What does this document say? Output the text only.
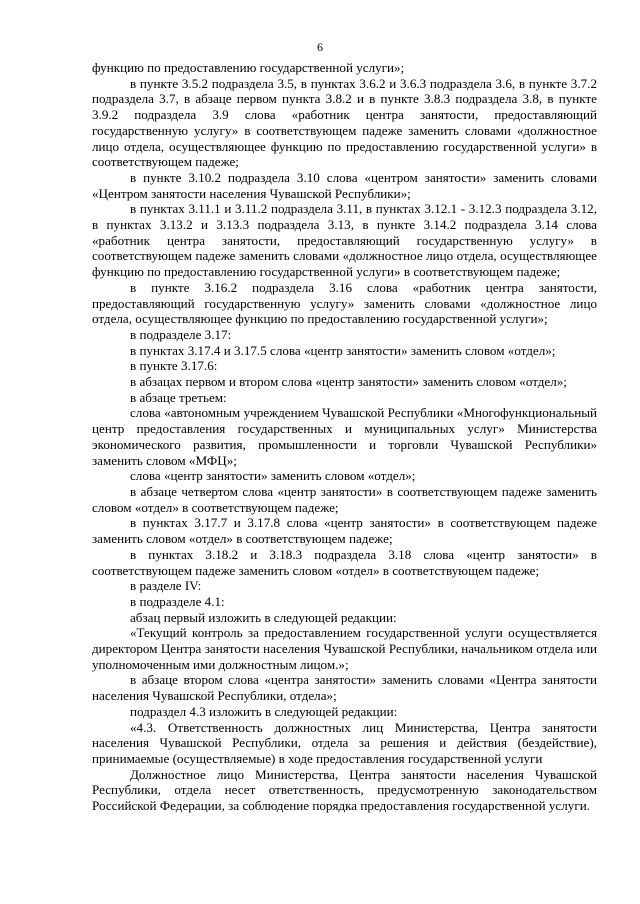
6

функцию по предоставлению государственной услуги»;

в пункте 3.5.2 подраздела 3.5, в пунктах 3.6.2 и 3.6.3 подраздела 3.6, в пункте 3.7.2 подраздела 3.7, в абзаце первом пункта 3.8.2 и в пункте 3.8.3 подраздела 3.8, в пункте 3.9.2 подраздела 3.9 слова «работник центра занятости, предоставляющий государственную услугу» в соответствующем падеже заменить словами «должностное лицо отдела, осуществляющее функцию по предоставлению государственной услуги» в соответствующем падеже;

в пункте 3.10.2 подраздела 3.10 слова «центром занятости» заменить словами «Центром занятости населения Чувашской Республики»;

в пунктах 3.11.1 и 3.11.2 подраздела 3.11, в пунктах 3.12.1 - 3.12.3 подраздела 3.12, в пунктах 3.13.2 и 3.13.3 подраздела 3.13, в пункте 3.14.2 подраздела 3.14 слова «работник центра занятости, предоставляющий государственную услугу» в соответствующем падеже заменить словами «должностное лицо отдела, осуществляющее функцию по предоставлению государственной услуги» в соответствующем падеже;

в пункте 3.16.2 подраздела 3.16 слова «работник центра занятости, предоставляющий государственную услугу» заменить словами «должностное лицо отдела, осуществляющее функцию по предоставлению государственной услуги»;

в подразделе 3.17:

в пунктах 3.17.4 и 3.17.5 слова «центр занятости» заменить словом «отдел»;

в пункте 3.17.6:

в абзацах первом и втором слова «центр занятости» заменить словом «отдел»;

в абзаце третьем:

слова «автономным учреждением Чувашской Республики «Многофункциональный центр предоставления государственных и муниципальных услуг» Министерства экономического развития, промышленности и торговли Чувашской Республики» заменить словом «МФЦ»;

слова «центр занятости» заменить словом «отдел»;

в абзаце четвертом слова «центр занятости» в соответствующем падеже заменить словом «отдел» в соответствующем падеже;

в пунктах 3.17.7 и 3.17.8 слова «центр занятости» в соответствующем падеже заменить словом «отдел» в соответствующем падеже;

в пунктах 3.18.2 и 3.18.3 подраздела 3.18 слова «центр занятости» в соответствующем падеже заменить словом «отдел» в соответствующем падеже;

в разделе IV:

в подразделе 4.1:

абзац первый изложить в следующей редакции:

«Текущий контроль за предоставлением государственной услуги осуществляется директором Центра занятости населения Чувашской Республики, начальником отдела или уполномоченным ими должностным лицом.»;

в абзаце втором слова «центра занятости» заменить словами «Центра занятости населения Чувашской Республики, отдела»;

подраздел 4.3 изложить в следующей редакции:

«4.3. Ответственность должностных лиц Министерства, Центра занятости населения Чувашской Республики, отдела за решения и действия (бездействие), принимаемые (осуществляемые) в ходе предоставления государственной услуги

Должностное лицо Министерства, Центра занятости населения Чувашской Республики, отдела несет ответственность, предусмотренную законодательством Российской Федерации, за соблюдение порядка предоставления государственной услуги.
